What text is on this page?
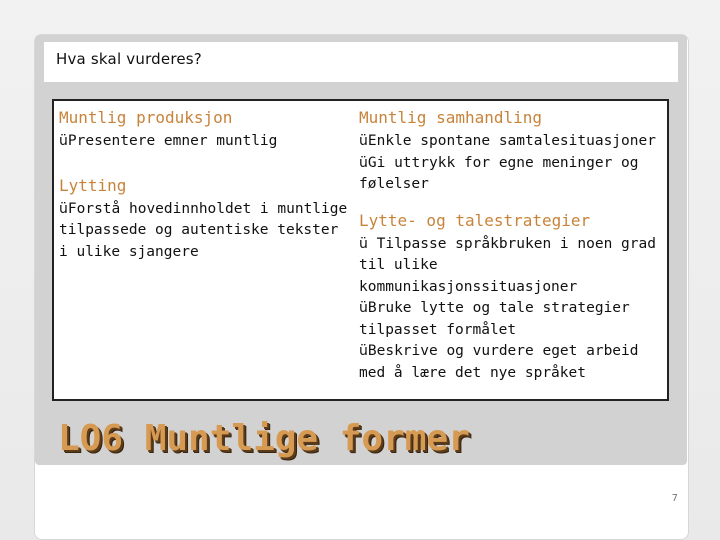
Hva skal vurderes?
Muntlig produksjon
üPresentere emner muntlig
Lytting
üForstå hovedinnholdet i muntlige tilpassede og autentiske tekster i ulike sjangere
Muntlig samhandling
üEnkle spontane samtalesituasjoner
üGi uttrykk for egne meninger og følelser
Lytte- og talestrategier
ü Tilpasse språkbruken i noen grad til ulike kommunikasjonssituasjoner
üBruke lytte og tale strategier tilpasset formålet
üBeskrive og vurdere eget arbeid med å lære det nye språket
LO6 Muntlige former
7
